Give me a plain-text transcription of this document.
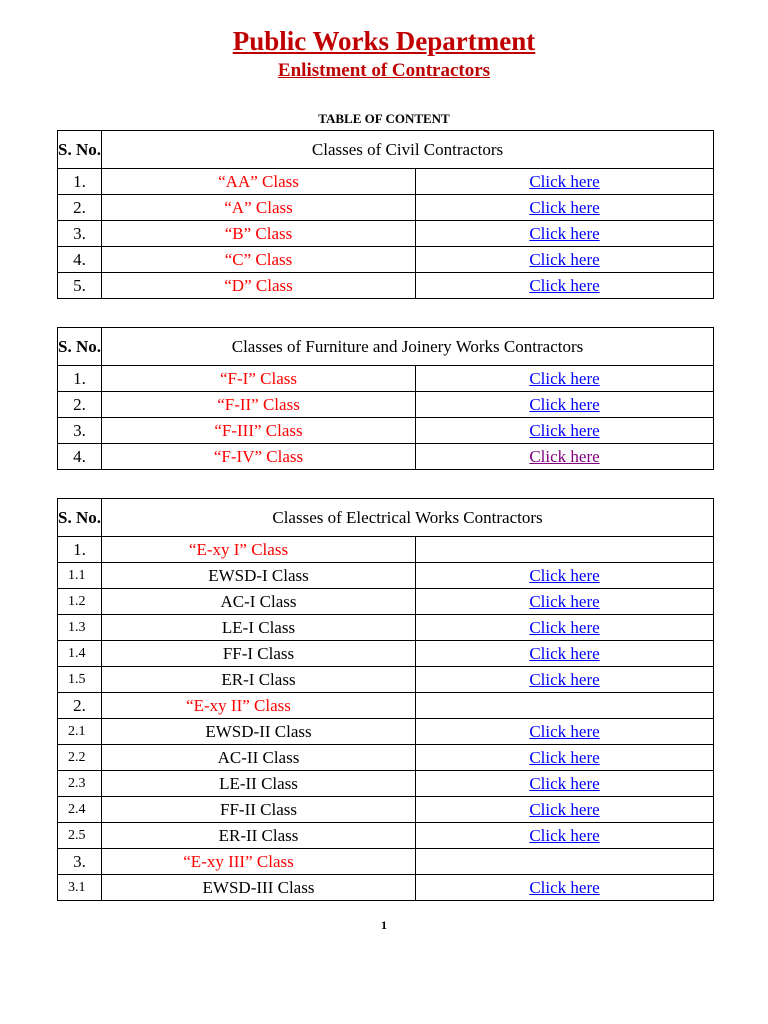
Public Works Department
Enlistment of Contractors
TABLE OF CONTENT
S. No.	Classes of Civil Contractors	
1.	“AA” Class	Click here
2.	“A” Class	Click here
3.	“B” Class	Click here
4.	“C” Class	Click here
5.	“D” Class	Click here
S. No.	Classes of Furniture and Joinery Works Contractors	
1.	“F-I” Class	Click here
2.	“F-II” Class	Click here
3.	“F-III” Class	Click here
4.	“F-IV” Class	Click here
S. No.	Classes of Electrical Works Contractors	
1.	“E-xy I” Class	
1.1	EWSD-I Class	Click here
1.2	AC-I Class	Click here
1.3	LE-I Class	Click here
1.4	FF-I Class	Click here
1.5	ER-I Class	Click here
2.	“E-xy II” Class	
2.1	EWSD-II Class	Click here
2.2	AC-II Class	Click here
2.3	LE-II Class	Click here
2.4	FF-II Class	Click here
2.5	ER-II Class	Click here
3.	“E-xy III” Class	
3.1	EWSD-III Class	Click here
1
